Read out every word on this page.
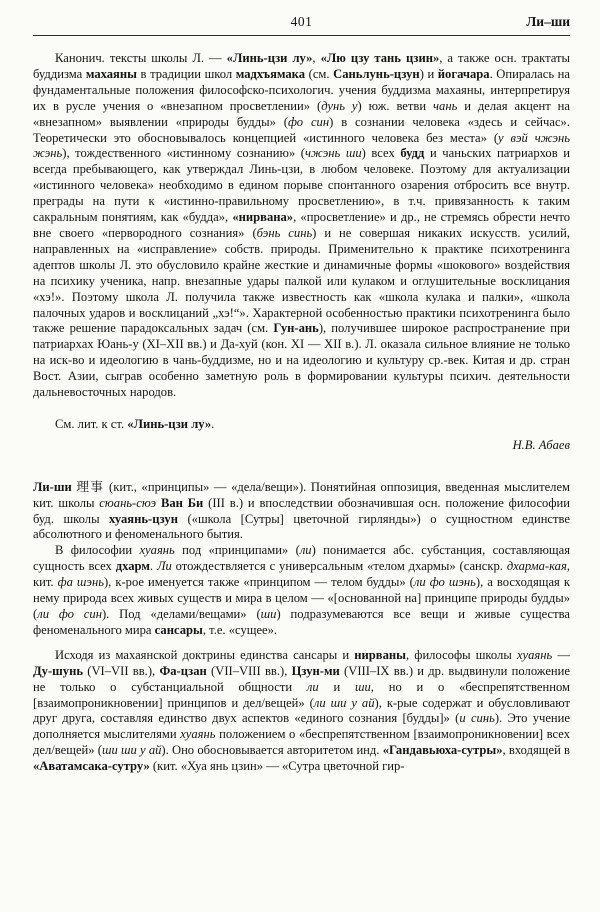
401	Ли–ши

Канонич. тексты школы Л. — «Линь-цзи лу», «Лю цзу тань цзин», а также осн. трактаты буддизма махаяны в традиции школ мадхъямака (см. Саньлунь-цзун) и йогачара. Опиралась на фундаментальные положения философско-психологич. учения буддизма махаяны, интерпретируя их в русле учения о «внезапном просветлении» (дунь у) юж. ветви чань и делая акцент на «внезапном» выявлении «природы будды» (фо син) в сознании человека «здесь и сейчас». Теоретически это обосновывалось концепцией «истинного человека без места» (у вэй чжэнь жэнь), тождественного «истинному сознанию» (чжэнь ши) всех будд и чаньских патриархов и всегда пребывающего, как утверждал Линь-цзи, в любом человеке. Поэтому для актуализации «истинного человека» необходимо в едином порыве спонтанного озарения отбросить все внутр. преграды на пути к «истинно-правильному просветлению», в т.ч. привязанность к таким сакральным понятиям, как «будда», «нирвана», «просветление» и др., не стремясь обрести нечто вне своего «первородного сознания» (бэнь синь) и не совершая никаких искусств. усилий, направленных на «исправление» собств. природы. Применительно к практике психотренинга адептов школы Л. это обусловило крайне жесткие и динамичные формы «шокового» воздействия на психику ученика, напр. внезапные удары палкой или кулаком и оглушительные восклицания «хэ!». Поэтому школа Л. получила также известность как «школа кулака и палки», «школа палочных ударов и восклицаний „хэ!“». Характерной особенностью практики психотренинга было также решение парадоксальных задач (см. Гун-ань), получившее широкое распространение при патриархах Юань-у (XI–XII вв.) и Да-хуй (кон. XI — XII в.). Л. оказала сильное влияние не только на иск-во и идеологию в чань-буддизме, но и на идеологию и культуру ср.-век. Китая и др. стран Вост. Азии, сыграв особенно заметную роль в формировании культуры психич. деятельности дальневосточных народов.

См. лит. к ст. «Линь-цзи лу».

Н.В. Абаев

Ли-ши 理事 (кит., «принципы» — «дела/вещи»). Понятийная оппозиция, введенная мыслителем кит. школы сюань-сюэ Ван Би (III в.) и впоследствии обозначившая осн. положение философии буд. школы хуаянь-цзун («школа [Сутры] цветочной гирлянды») о сущностном единстве абсолютного и феноменального бытия.

В философии хуаянь под «принципами» (ли) понимается абс. субстанция, составляющая сущность всех дхарм. Ли отождествляется с универсальным «телом дхармы» (санскр. дхарма-кая, кит. фа шэнь), к-рое именуется также «принципом — телом будды» (ли фо шэнь), а восходящая к нему природа всех живых существ и мира в целом — «[основанной на] принципе природы будды» (ли фо син). Под «делами/вещами» (ши) подразумеваются все вещи и живые существа феноменального мира сансары, т.е. «сущее».

Исходя из махаянской доктрины единства сансары и нирваны, философы школы хуаянь — Ду-шунь (VI–VII вв.), Фа-цзан (VII–VIII вв.), Цзун-ми (VIII–IX вв.) и др. выдвинули положение не только о субстанциальной общности ли и ши, но и о «беспрепятственном [взаимопроникновении] принципов и дел/вещей» (ли ши у ай), к-рые содержат и обусловливают друг друга, составляя единство двух аспектов «единого сознания [будды]» (и синь). Это учение дополняется мыслителями хуаянь положением о «беспрепятственном [взаимопроникновении] всех дел/вещей» (ши ши у ай). Оно обосновывается авторитетом инд. «Гандавьюха-сутры», входящей в «Аватамсака-сутру» (кит. «Хуа янь цзин» — «Сутра цветочной гир-
